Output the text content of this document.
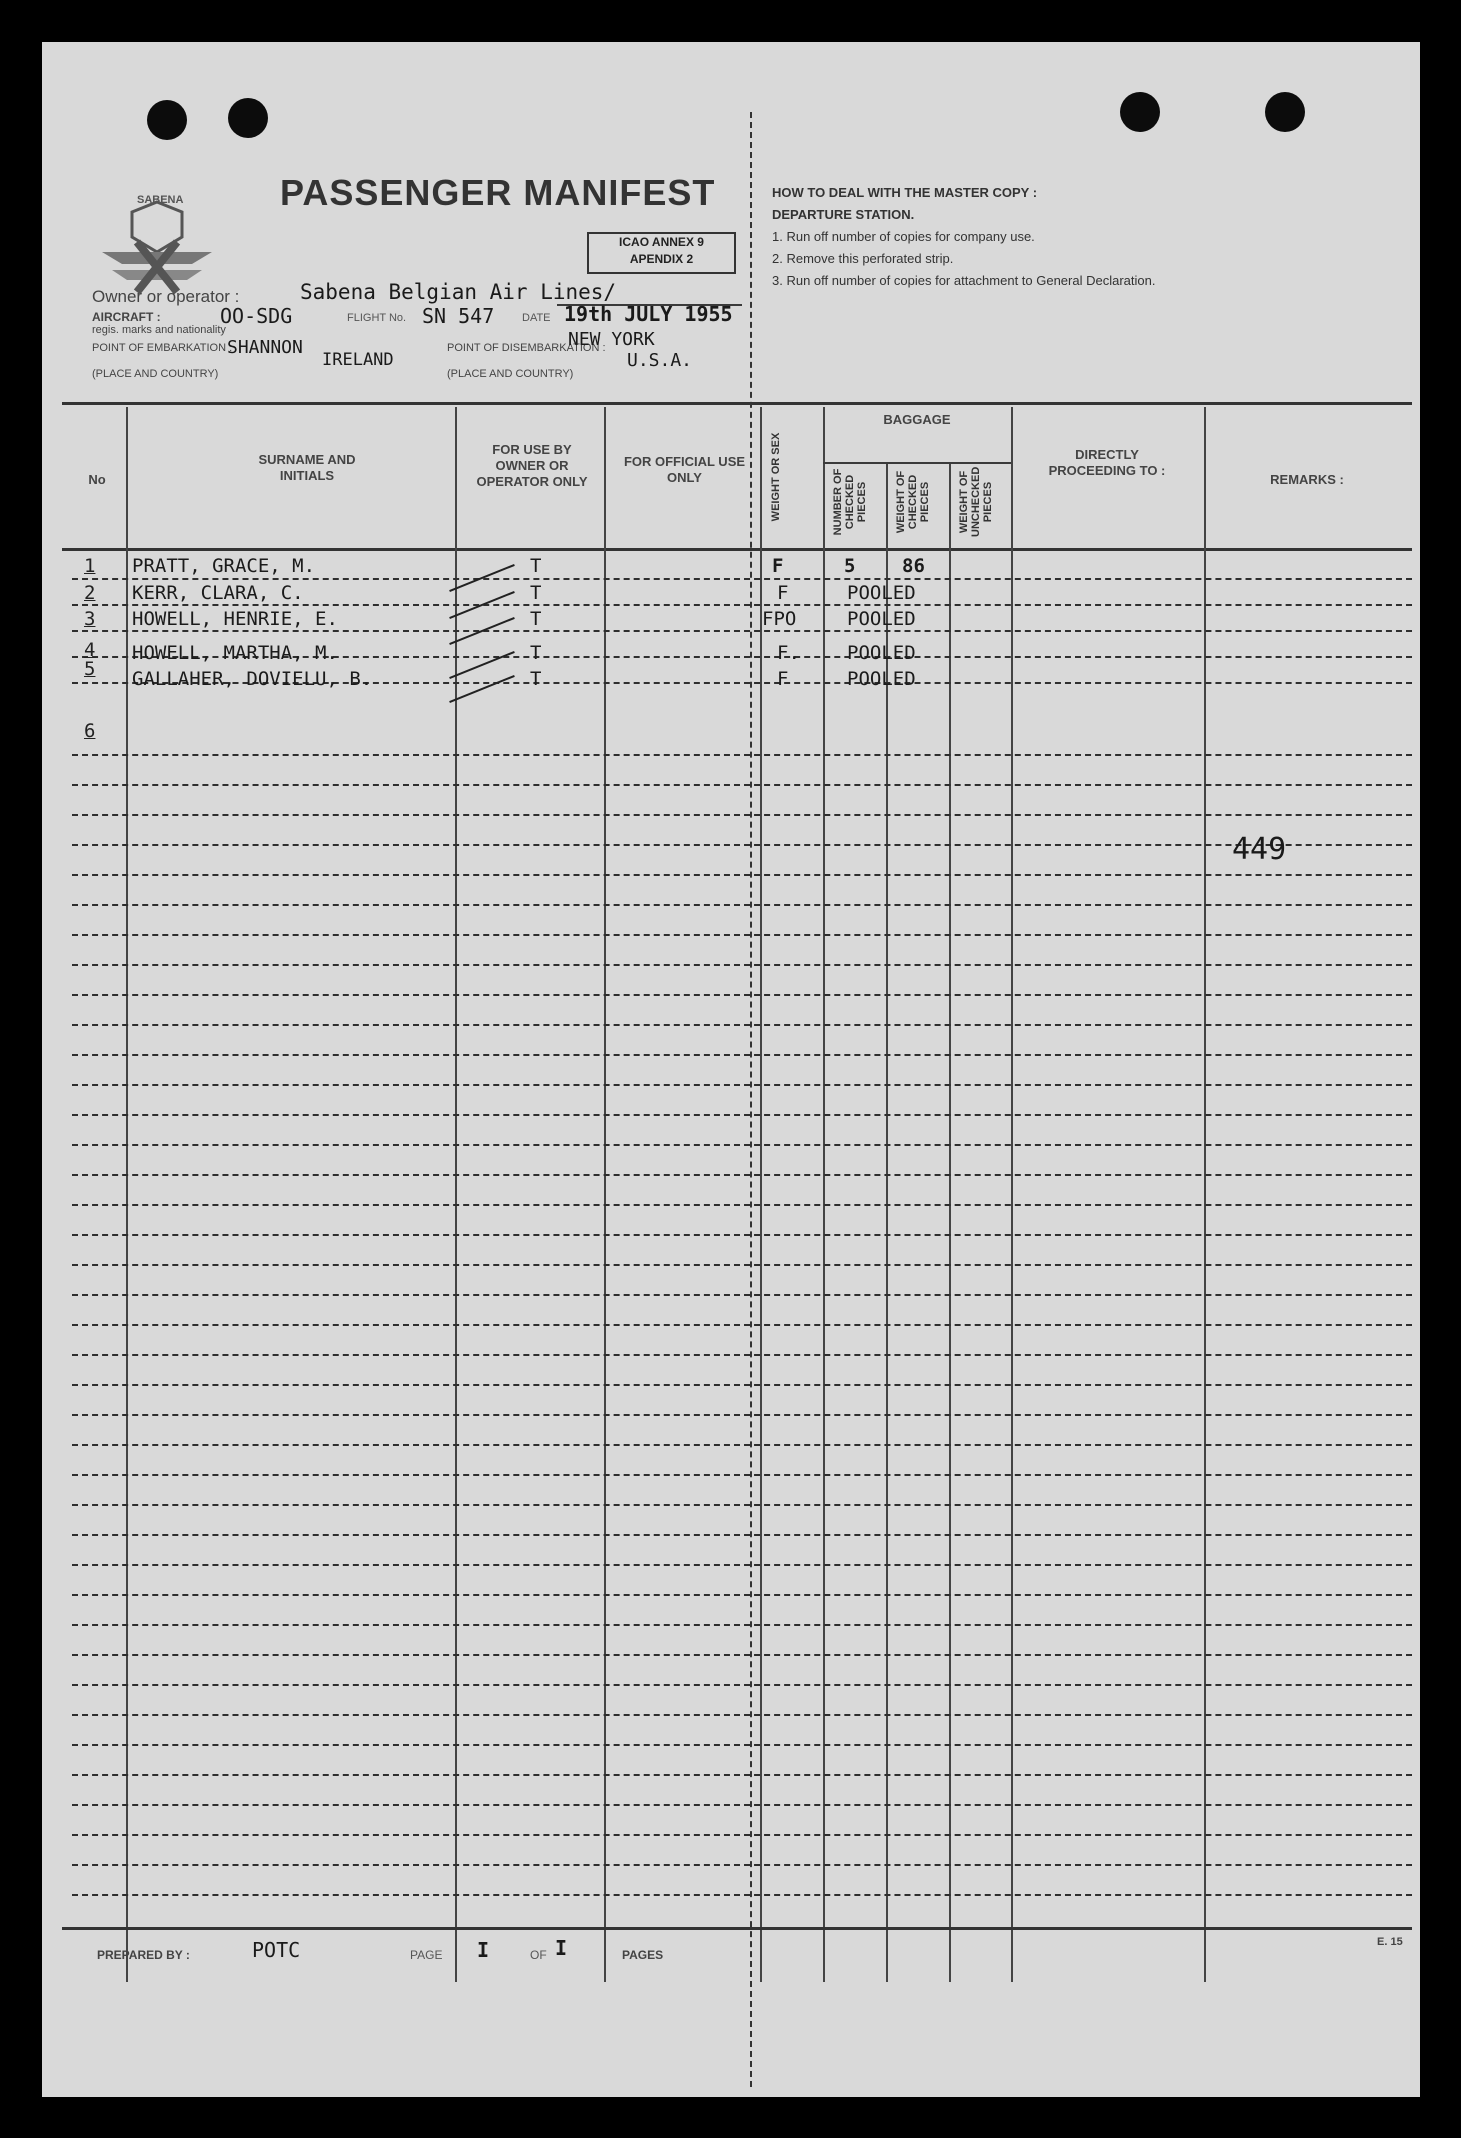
SABENA	PASSENGER MANIFEST
ICAO ANNEX 9
APENDIX 2
Owner or operator :	Sabena Belgian Air Lines/
AIRCRAFT :
regis. marks and nationality
OO-SDG	FLIGHT No. SN 547	DATE 19th JULY 1955
POINT OF EMBARKATION :
(PLACE AND COUNTRY)
SHANNON
IRELAND
POINT OF DISEMBARKATION :
(PLACE AND COUNTRY)
NEW YORK
U.S.A.
HOW TO DEAL WITH THE MASTER COPY :
DEPARTURE STATION.
1. Run off number of copies for company use.
2. Remove this perforated strip.
3. Run off number of copies for attachment to General Declaration.
No
SURNAME AND INITIALS
FOR USE BY OWNER OR OPERATOR ONLY
FOR OFFICIAL USE ONLY
BAGGAGE
WEIGHT OR SEX	NUMBER OF CHECKED PIECES WEIGHT OF CHECKED PIECES WEIGHT OF UNCHECKED PIECES
DIRECTLY PROCEEDING TO :
REMARKS :
1 PRATT, GRACE, M.	T	F	5 86
2 KERR, CLARA, C.	T	F	POOLED
3 HOWELL, HENRIE, E.	T	FPO	POOLED
4 HOWELL, MARTHA, M.	T	F. POOLED
5 GALLAHER, DOVIELU, B.	T	F	POOLED
6
449
PREPARED BY :	POTC	PAGE I	OF I	PAGES
E. 15
